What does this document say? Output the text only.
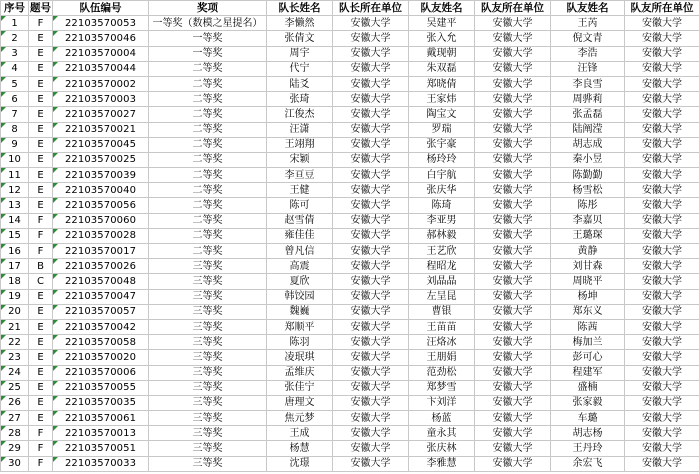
序号	题号	队伍编号	奖项	队长姓名	队长所在单位	队友姓名	队友所在单位	队友姓名	队友所在单位

1	F	22103570053	一等奖（数模之星提名）	李懒然	安徽大学	吴建平	安徽大学	王芮	安徽大学

2	E	22103570046	一等奖	张倩文	安徽大学	张入允	安徽大学	倪文青	安徽大学

3	E	22103570004	一等奖	周宇	安徽大学	戴现朝	安徽大学	李浩	安徽大学

4	E	22103570044	二等奖	代宁	安徽大学	朱双磊	安徽大学	汪锋	安徽大学

5	E	22103570002	二等奖	陆爻	安徽大学	郑晓倩	安徽大学	李良雪	安徽大学

6	E	22103570003	二等奖	张琦	安徽大学	王家炜	安徽大学	周骅莉	安徽大学

7	E	22103570027	二等奖	江俊杰	安徽大学	陶宝文	安徽大学	张孟磊	安徽大学

8	E	22103570021	二等奖	汪潇	安徽大学	罗瑞	安徽大学	陆阐滢	安徽大学

9	E	22103570045	二等奖	王翊翔	安徽大学	张宇豪	安徽大学	胡志成	安徽大学

10	E	22103570025	二等奖	宋颖	安徽大学	杨玲玲	安徽大学	秦小昱	安徽大学

11	E	22103570039	二等奖	李亘豆	安徽大学	白宇航	安徽大学	陈勤勤	安徽大学

12	E	22103570040	二等奖	王健	安徽大学	张庆华	安徽大学	杨雪松	安徽大学

13	E	22103570056	二等奖	陈可	安徽大学	陈琦	安徽大学	陈彤	安徽大学

14	F	22103570060	二等奖	赵雪倩	安徽大学	李亚男	安徽大学	李嘉贝	安徽大学

15	F	22103570028	二等奖	雍佳佳	安徽大学	郝林毅	安徽大学	王璐琛	安徽大学

16	F	22103570017	二等奖	曾凡信	安徽大学	王艺欣	安徽大学	黄静	安徽大学

17	B	22103570026	三等奖	高震	安徽大学	程昭龙	安徽大学	刘甘森	安徽大学

18	C	22103570048	三等奖	夏欣	安徽大学	刘晶晶	安徽大学	周晓平	安徽大学

19	E	22103570047	三等奖	韩饺园	安徽大学	左呈昆	安徽大学	杨坤	安徽大学

20	E	22103570057	三等奖	魏巍	安徽大学	曹银	安徽大学	郑东义	安徽大学

21	E	22103570042	三等奖	郑顺平	安徽大学	王苗苗	安徽大学	陈茜	安徽大学

22	E	22103570058	三等奖	陈羽	安徽大学	汪烙冰	安徽大学	梅加兰	安徽大学

23	E	22103570020	三等奖	凌珉琪	安徽大学	王朋娟	安徽大学	彭可心	安徽大学

24	E	22103570006	三等奖	孟维庆	安徽大学	范劲松	安徽大学	程建军	安徽大学

25	E	22103570055	三等奖	张佳宁	安徽大学	郑梦雪	安徽大学	盛楠	安徽大学

26	E	22103570035	三等奖	唐理文	安徽大学	卞刘洋	安徽大学	张家毅	安徽大学

27	E	22103570061	三等奖	焦元梦	安徽大学	杨蓝	安徽大学	车璐	安徽大学

28	F	22103570013	三等奖	王成	安徽大学	童永其	安徽大学	胡志杨	安徽大学

29	F	22103570051	三等奖	杨慧	安徽大学	张庆林	安徽大学	王丹玲	安徽大学

30	F	22103570033	三等奖	沈璟	安徽大学	李雅慧	安徽大学	余宏飞	安徽大学
